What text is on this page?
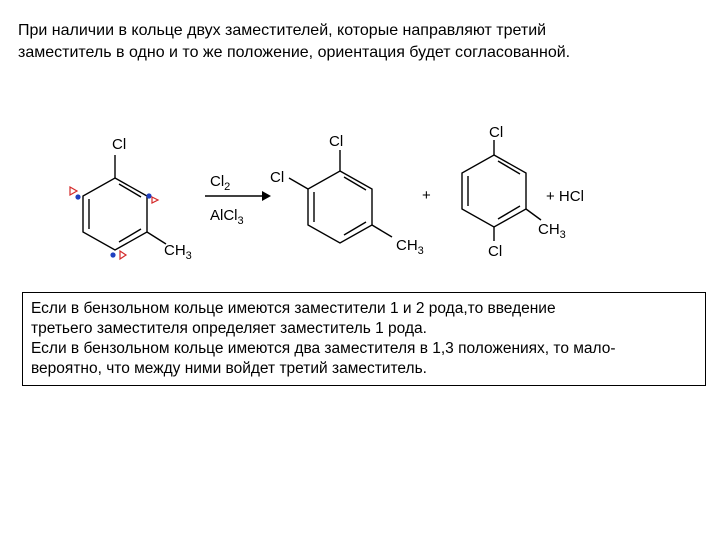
При наличии в кольце двух заместителей, которые направляют третий
заместитель в одно и то же положение, ориентация будет согласованной.
Cl
$CH_3$
$Cl_2$
AlCl$_3$
Cl
Cl
$CH_3$
+
Cl
$CH_3$
Cl
+ HCl
Если в бензольном кольце имеются заместители 1 и 2 рода,то введение
третьего заместителя определяет заместитель 1 рода.
Если в бензольном кольце имеются два заместителя в 1,3 положениях, то мало-
вероятно, что между ними войдет третий заместитель.
